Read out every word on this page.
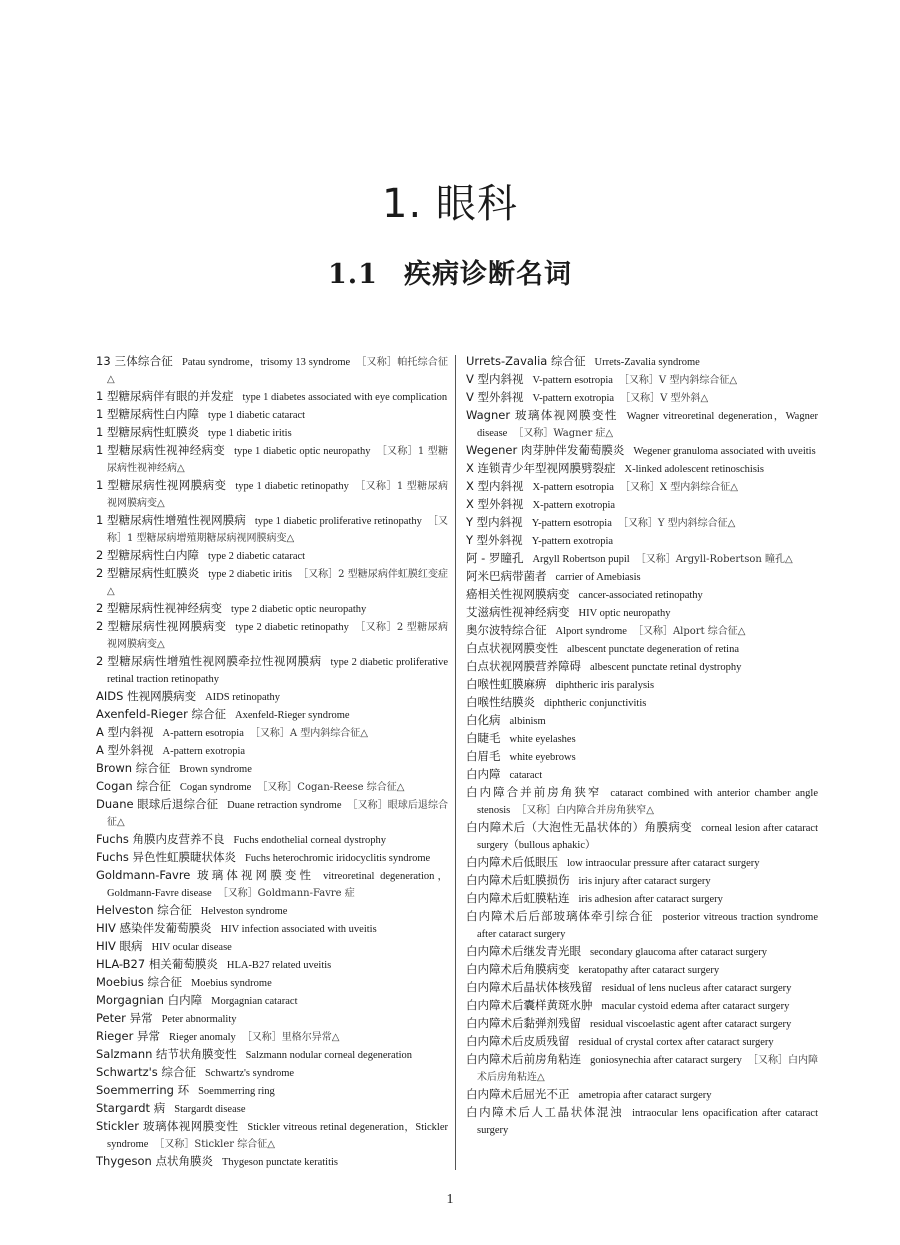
1. 眼科
1.1 疾病诊断名词

13 三体综合征 Patau syndrome，trisomy 13 syndrome ［又称］帕托综合征△

1 型糖尿病伴有眼的并发症 type 1 diabetes associated with eye complication

1 型糖尿病性白内障 type 1 diabetic cataract

1 型糖尿病性虹膜炎 type 1 diabetic iritis

1 型糖尿病性视神经病变 type 1 diabetic optic neuropathy ［又称］1 型糖尿病性视神经病△

1 型糖尿病性视网膜病变 type 1 diabetic retinopathy ［又称］1 型糖尿病视网膜病变△

1 型糖尿病性增殖性视网膜病 type 1 diabetic proliferative retinopathy ［又称］1 型糖尿病增殖期糖尿病视网膜病变△

2 型糖尿病性白内障 type 2 diabetic cataract

2 型糖尿病性虹膜炎 type 2 diabetic iritis ［又称］2 型糖尿病伴虹膜红变症△

2 型糖尿病性视神经病变 type 2 diabetic optic neuropathy

2 型糖尿病性视网膜病变 type 2 diabetic retinopathy ［又称］2 型糖尿病视网膜病变△

2 型糖尿病性增殖性视网膜牵拉性视网膜病 type 2 diabetic proliferative retinal traction retinopathy

AIDS 性视网膜病变 AIDS retinopathy

Axenfeld-Rieger 综合征 Axenfeld-Rieger syndrome

A 型内斜视 A-pattern esotropia ［又称］A 型内斜综合征△

A 型外斜视 A-pattern exotropia

Brown 综合征 Brown syndrome

Cogan 综合征 Cogan syndrome ［又称］Cogan-Reese 综合征△

Duane 眼球后退综合征 Duane retraction syndrome ［又称］眼球后退综合征△

Fuchs 角膜内皮营养不良 Fuchs endothelial corneal dystrophy

Fuchs 异色性虹膜睫状体炎 Fuchs heterochromic iridocyclitis syndrome

Goldmann-Favre 玻璃体视网膜变性 vitreoretinal degeneration，Goldmann-Favre disease ［又称］Goldmann-Favre 症

Helveston 综合征 Helveston syndrome

HIV 感染伴发葡萄膜炎 HIV infection associated with uveitis

HIV 眼病 HIV ocular disease

HLA-B27 相关葡萄膜炎 HLA-B27 related uveitis

Moebius 综合征 Moebius syndrome

Morgagnian 白内障 Morgagnian cataract

Peter 异常 Peter abnormality

Rieger 异常 Rieger anomaly ［又称］里格尔异常△

Salzmann 结节状角膜变性 Salzmann nodular corneal degeneration

Schwartz's 综合征 Schwartz's syndrome

Soemmerring 环 Soemmerring ring

Stargardt 病 Stargardt disease

Stickler 玻璃体视网膜变性 Stickler vitreous retinal degeneration，Stickler syndrome ［又称］Stickler 综合征△

Thygeson 点状角膜炎 Thygeson punctate keratitis

Urrets-Zavalia 综合征 Urrets-Zavalia syndrome

V 型内斜视 V-pattern esotropia ［又称］V 型内斜综合征△

V 型外斜视 V-pattern exotropia ［又称］V 型外斜△

Wagner 玻璃体视网膜变性 Wagner vitreoretinal degeneration，Wagner disease ［又称］Wagner 症△

Wegener 肉芽肿伴发葡萄膜炎 Wegener granuloma associated with uveitis

X 连锁青少年型视网膜劈裂症 X-linked adolescent retinoschisis

X 型内斜视 X-pattern esotropia ［又称］X 型内斜综合征△

X 型外斜视 X-pattern exotropia

Y 型内斜视 Y-pattern esotropia ［又称］Y 型内斜综合征△

Y 型外斜视 Y-pattern exotropia

阿 - 罗瞳孔 Argyll Robertson pupil ［又称］Argyll-Robertson 瞳孔△

阿米巴病带菌者 carrier of Amebiasis

癌相关性视网膜病变 cancer-associated retinopathy

艾滋病性视神经病变 HIV optic neuropathy

奥尔波特综合征 Alport syndrome ［又称］Alport 综合征△

白点状视网膜变性 albescent punctate degeneration of retina

白点状视网膜营养障碍 albescent punctate retinal dystrophy

白喉性虹膜麻痹 diphtheric iris paralysis

白喉性结膜炎 diphtheric conjunctivitis

白化病 albinism

白睫毛 white eyelashes

白眉毛 white eyebrows

白内障 cataract

白内障合并前房角狭窄 cataract combined with anterior chamber angle stenosis ［又称］白内障合并房角狭窄△

白内障术后（大泡性无晶状体的）角膜病变 corneal lesion after cataract surgery（bullous aphakic）

白内障术后低眼压 low intraocular pressure after cataract surgery

白内障术后虹膜损伤 iris injury after cataract surgery

白内障术后虹膜粘连 iris adhesion after cataract surgery

白内障术后后部玻璃体牵引综合征 posterior vitreous traction syndrome after cataract surgery

白内障术后继发青光眼 secondary glaucoma after cataract surgery

白内障术后角膜病变 keratopathy after cataract surgery

白内障术后晶状体核残留 residual of lens nucleus after cataract surgery

白内障术后囊样黄斑水肿 macular cystoid edema after cataract surgery

白内障术后黏弹剂残留 residual viscoelastic agent after cataract surgery

白内障术后皮质残留 residual of crystal cortex after cataract surgery

白内障术后前房角粘连 goniosynechia after cataract surgery ［又称］白内障术后房角粘连△

白内障术后屈光不正 ametropia after cataract surgery

白内障术后人工晶状体混浊 intraocular lens opacification after cataract surgery

1
